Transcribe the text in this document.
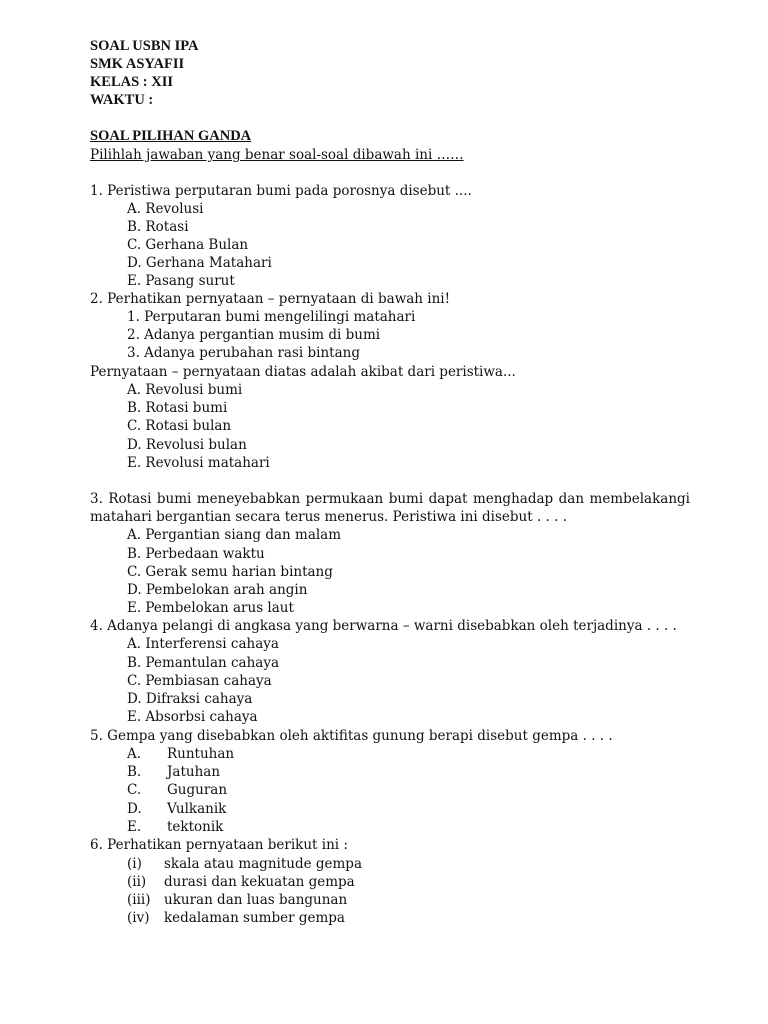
SOAL USBN IPA
SMK ASYAFII
KELAS : XII
WAKTU :
SOAL PILIHAN GANDA
Pilihlah jawaban yang benar soal-soal dibawah ini ……
1. Peristiwa perputaran bumi pada porosnya disebut ....
A. Revolusi
B. Rotasi
C. Gerhana Bulan
D. Gerhana Matahari
E. Pasang surut
2. Perhatikan pernyataan – pernyataan di bawah ini!
1. Perputaran bumi mengelilingi matahari
2. Adanya pergantian musim di bumi
3. Adanya perubahan rasi bintang
Pernyataan – pernyataan diatas adalah akibat dari peristiwa...
A. Revolusi bumi
B. Rotasi bumi
C. Rotasi bulan
D. Revolusi bulan
E. Revolusi matahari
3. Rotasi bumi meneyebabkan permukaan bumi dapat menghadap dan membelakangi
matahari bergantian secara terus menerus. Peristiwa ini disebut . . . .
A. Pergantian siang dan malam
B. Perbedaan waktu
C. Gerak semu harian bintang
D. Pembelokan arah angin
E. Pembelokan arus laut
4. Adanya pelangi di angkasa yang berwarna – warni disebabkan oleh terjadinya . . . .
A. Interferensi cahaya
B. Pemantulan cahaya
C. Pembiasan cahaya
D. Difraksi cahaya
E. Absorbsi cahaya
5. Gempa yang disebabkan oleh aktifitas gunung berapi disebut gempa . . . .
A. Runtuhan
B. Jatuhan
C. Guguran
D. Vulkanik
E. tektonik
6. Perhatikan pernyataan berikut ini :
(i) skala atau magnitude gempa
(ii) durasi dan kekuatan gempa
(iii) ukuran dan luas bangunan
(iv) kedalaman sumber gempa
